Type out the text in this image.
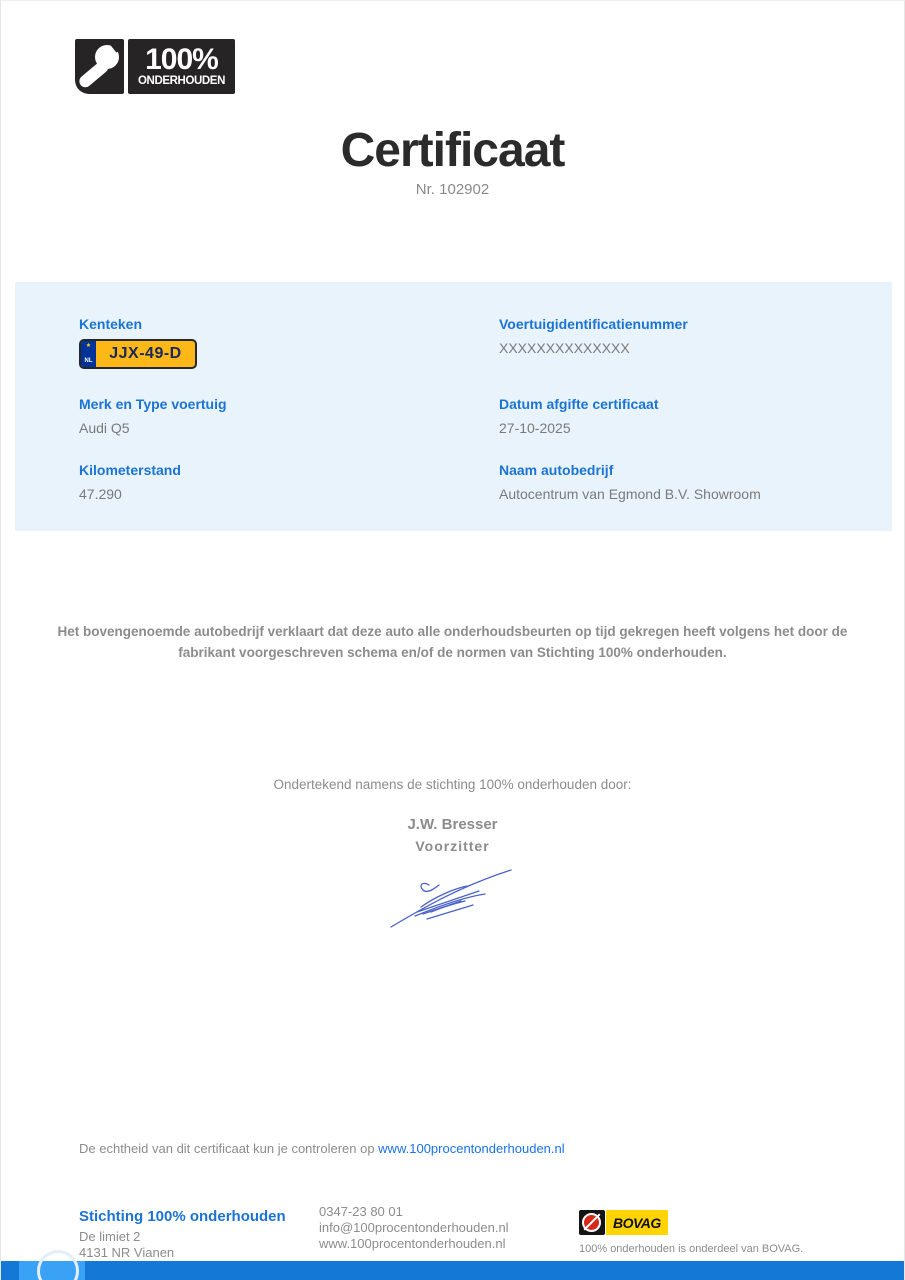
100%
ONDERHOUDEN
Certificaat
Nr. 102902
Kenteken
★
NL	JJX-49-D
Voertuigidentificatienummer
XXXXXXXXXXXXXX
Merk en Type voertuig
Audi Q5
Datum afgifte certificaat
27-10-2025
Kilometerstand
47.290
Naam autobedrijf
Autocentrum van Egmond B.V. Showroom
Het bovengenoemde autobedrijf verklaart dat deze auto alle onderhoudsbeurten op tijd gekregen heeft volgens het door de fabrikant voorgeschreven schema en/of de normen van Stichting 100% onderhouden.
Ondertekend namens de stichting 100% onderhouden door:
J.W. Bresser
Voorzitter
De echtheid van dit certificaat kun je controleren op www.100procentonderhouden.nl
Stichting 100% onderhouden
De limiet 2
4131 NR Vianen
0347-23 80 01
info@100procentonderhouden.nl
www.100procentonderhouden.nl
BOVAG
100% onderhouden is onderdeel van BOVAG.
